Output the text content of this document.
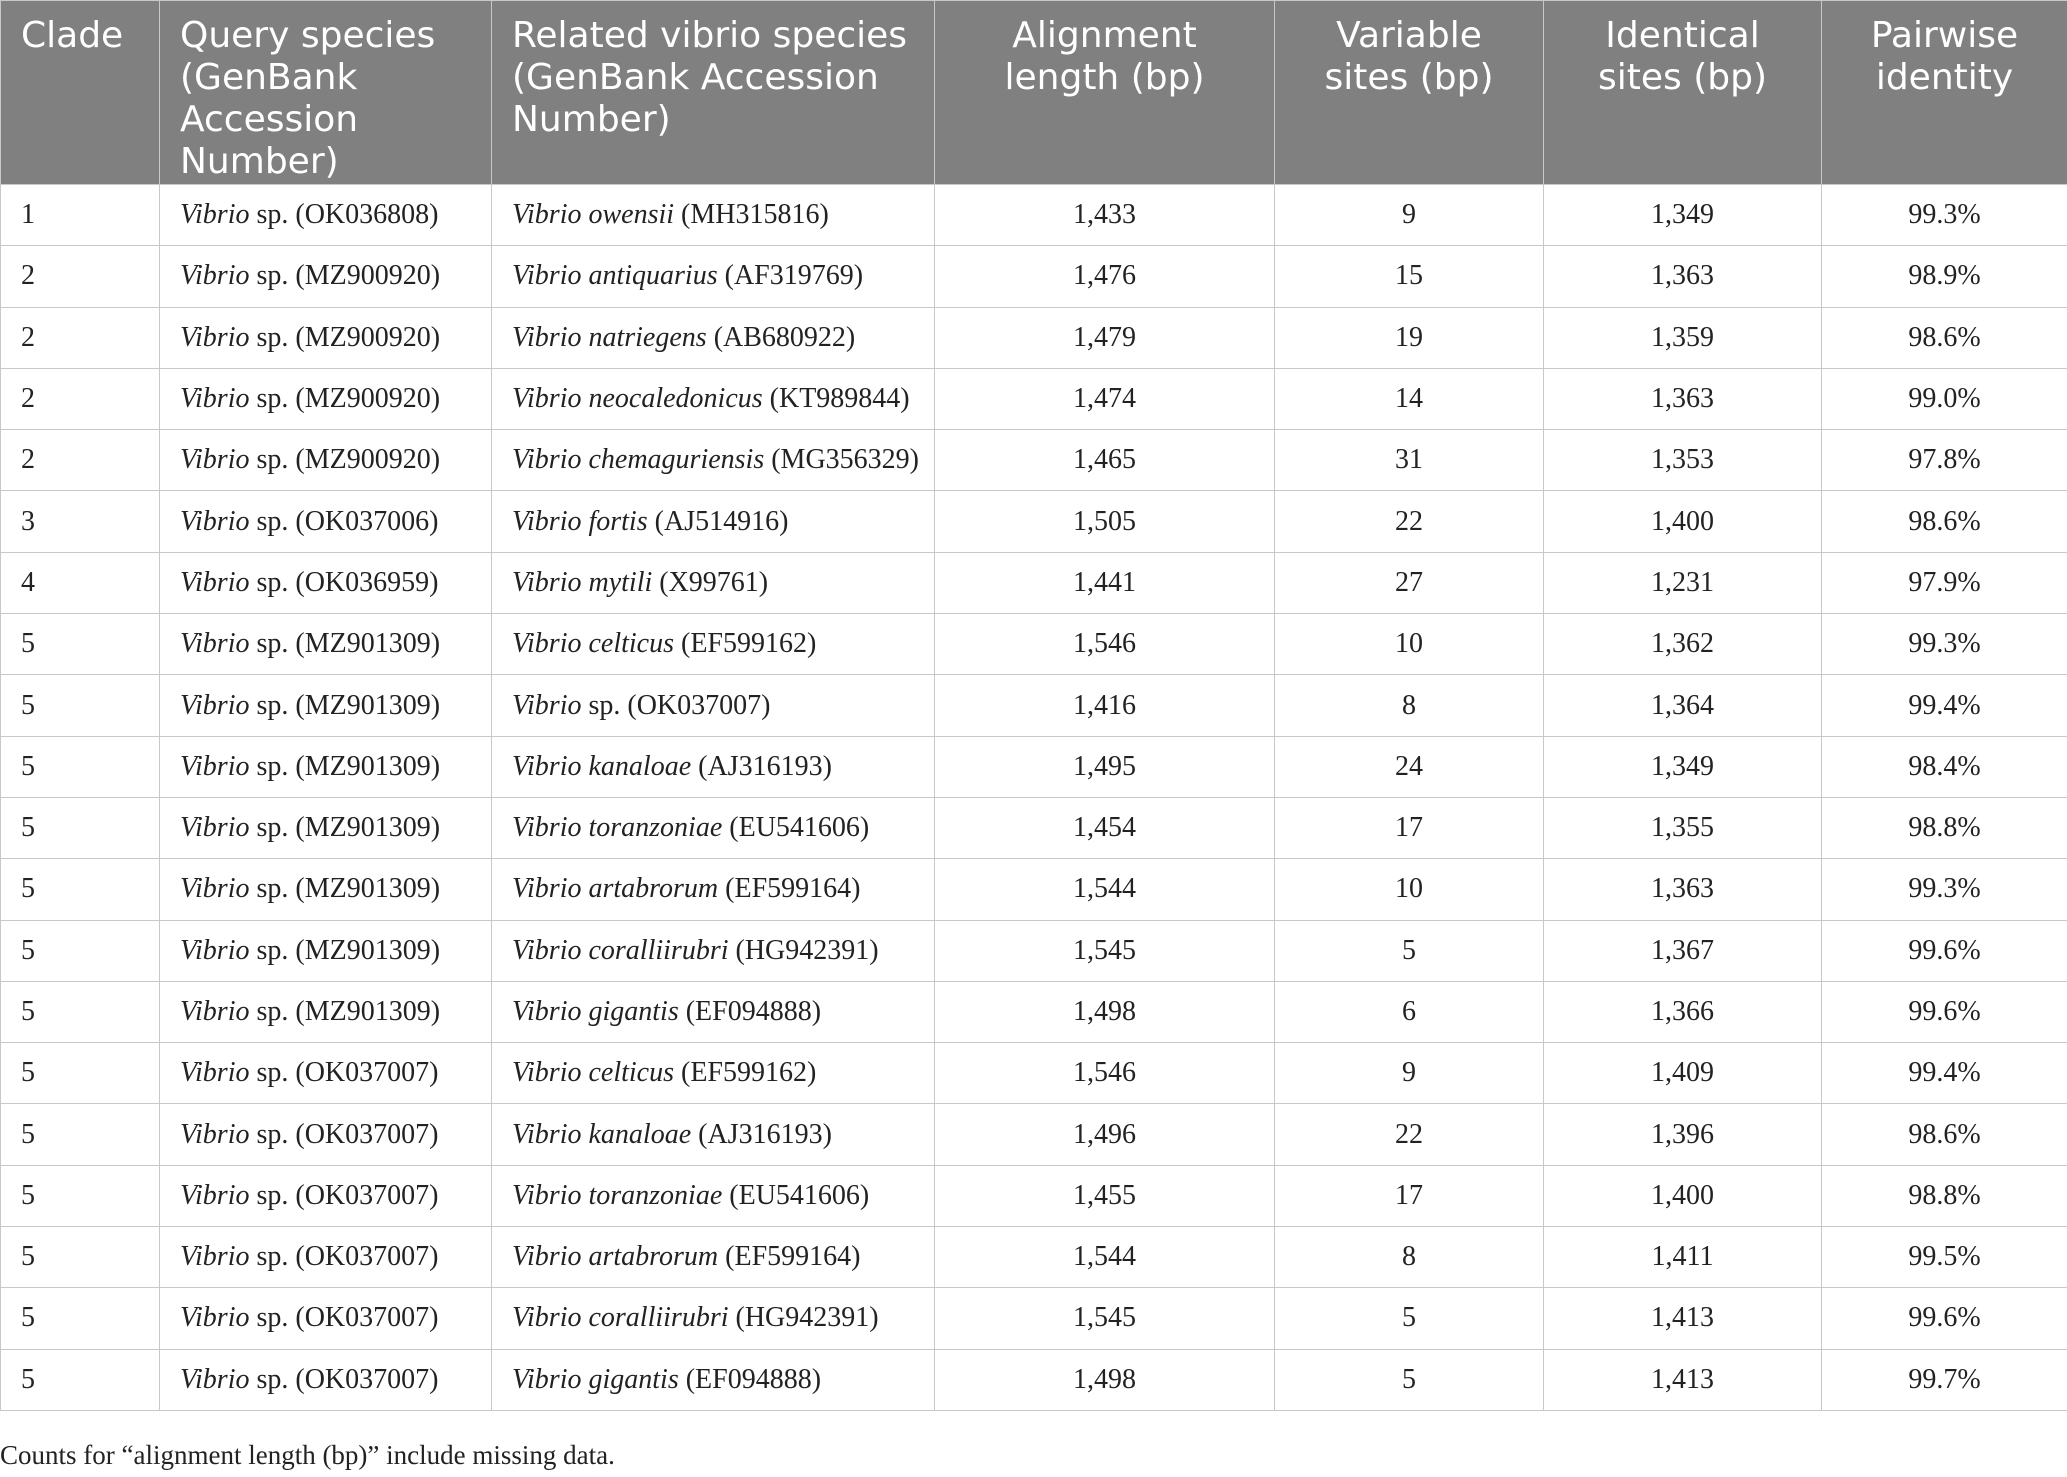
Clade	Query species (GenBank Accession Number)	Related vibrio species (GenBank Accession Number)	Alignment length (bp)	Variable sites (bp)	Identical sites (bp)	Pairwise identity
1	Vibrio sp. (OK036808)	Vibrio owensii (MH315816)	1,433	9	1,349	99.3%
2	Vibrio sp. (MZ900920)	Vibrio antiquarius (AF319769)	1,476	15	1,363	98.9%
2	Vibrio sp. (MZ900920)	Vibrio natriegens (AB680922)	1,479	19	1,359	98.6%
2	Vibrio sp. (MZ900920)	Vibrio neocaledonicus (KT989844)	1,474	14	1,363	99.0%
2	Vibrio sp. (MZ900920)	Vibrio chemaguriensis (MG356329)	1,465	31	1,353	97.8%
3	Vibrio sp. (OK037006)	Vibrio fortis (AJ514916)	1,505	22	1,400	98.6%
4	Vibrio sp. (OK036959)	Vibrio mytili (X99761)	1,441	27	1,231	97.9%
5	Vibrio sp. (MZ901309)	Vibrio celticus (EF599162)	1,546	10	1,362	99.3%
5	Vibrio sp. (MZ901309)	Vibrio sp. (OK037007)	1,416	8	1,364	99.4%
5	Vibrio sp. (MZ901309)	Vibrio kanaloae (AJ316193)	1,495	24	1,349	98.4%
5	Vibrio sp. (MZ901309)	Vibrio toranzoniae (EU541606)	1,454	17	1,355	98.8%
5	Vibrio sp. (MZ901309)	Vibrio artabrorum (EF599164)	1,544	10	1,363	99.3%
5	Vibrio sp. (MZ901309)	Vibrio coralliirubri (HG942391)	1,545	5	1,367	99.6%
5	Vibrio sp. (MZ901309)	Vibrio gigantis (EF094888)	1,498	6	1,366	99.6%
5	Vibrio sp. (OK037007)	Vibrio celticus (EF599162)	1,546	9	1,409	99.4%
5	Vibrio sp. (OK037007)	Vibrio kanaloae (AJ316193)	1,496	22	1,396	98.6%
5	Vibrio sp. (OK037007)	Vibrio toranzoniae (EU541606)	1,455	17	1,400	98.8%
5	Vibrio sp. (OK037007)	Vibrio artabrorum (EF599164)	1,544	8	1,411	99.5%
5	Vibrio sp. (OK037007)	Vibrio coralliirubri (HG942391)	1,545	5	1,413	99.6%
5	Vibrio sp. (OK037007)	Vibrio gigantis (EF094888)	1,498	5	1,413	99.7%
Counts for “alignment length (bp)” include missing data.
